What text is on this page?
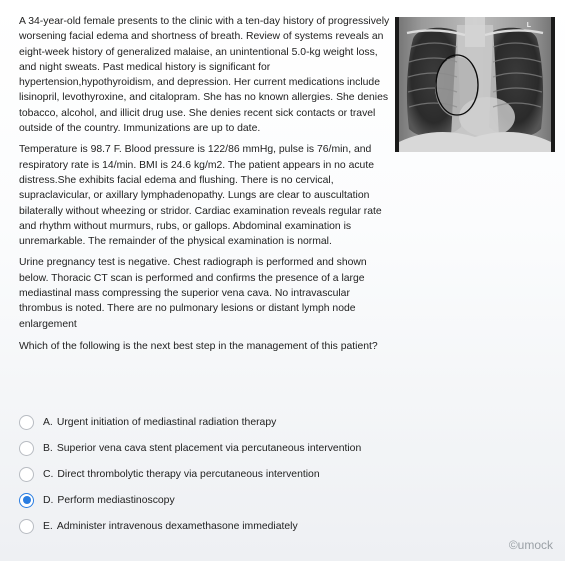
A 34-year-old female presents to the clinic with a ten-day history of progressively worsening facial edema and shortness of breath. Review of systems reveals an eight-week history of generalized malaise, an unintentional 5.0-kg weight loss, and night sweats. Past medical history is significant for hypertension,hypothyroidism, and depression. Her current medications include lisinopril, levothyroxine, and citalopram. She has no known allergies. She denies tobacco, alcohol, and illicit drug use. She denies recent sick contacts or travel outside of the country. Immunizations are up to date.

Temperature is 98.7 F. Blood pressure is 122/86 mmHg, pulse is 76/min, and respiratory rate is 14/min. BMI is 24.6 kg/m2. The patient appears in no acute distress.She exhibits facial edema and flushing. There is no cervical, supraclavicular, or axillary lymphadenopathy. Lungs are clear to auscultation bilaterally without wheezing or stridor. Cardiac examination reveals regular rate and rhythm without murmurs, rubs, or gallops. Abdominal examination is unremarkable. The remainder of the physical examination is normal.

Urine pregnancy test is negative. Chest radiograph is performed and shown below. Thoracic CT scan is performed and confirms the presence of a large mediastinal mass compressing the superior vena cava. No intravascular thrombus is noted. There are no pulmonary lesions or distant lymph node enlargement

Which of the following is the next best step in the management of this patient?

L
A. Urgent initiation of mediastinal radiation therapy
B. Superior vena cava stent placement via percutaneous intervention
C. Direct thrombolytic therapy via percutaneous intervention
D. Perform mediastinoscopy
E. Administer intravenous dexamethasone immediately
©umock
